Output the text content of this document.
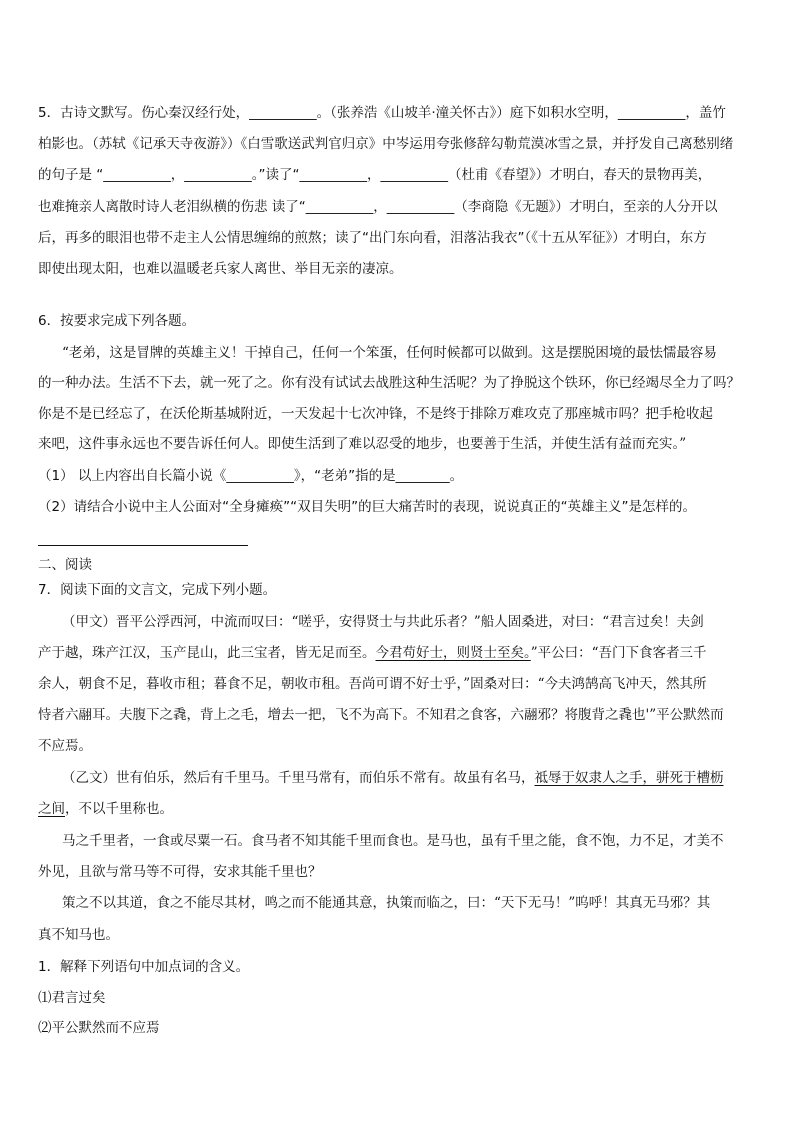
5．古诗文默写。伤心秦汉经行处，__________。（张养浩《山坡羊·潼关怀古》）庭下如积水空明，__________，盖竹
柏影也。（苏轼《记承天寺夜游》）《白雪歌送武判官归京》中岑运用夸张修辞勾勒荒漠冰雪之景，并抒发自己离愁别绪
的句子是 “__________，__________。”读了“__________，__________（杜甫《春望》）才明白，春天的景物再美，
也难掩亲人离散时诗人老泪纵横的伤悲 读了“__________，__________（李商隐《无题》）才明白，至亲的人分开以
后，再多的眼泪也带不走主人公情思缠绵的煎熬；读了“出门东向看，泪落沾我衣”（《十五从军征》）才明白，东方
即使出现太阳，也难以温暖老兵家人离世、举目无亲的凄凉。
6．按要求完成下列各题。
“老弟，这是冒牌的英雄主义！干掉自己，任何一个笨蛋，任何时候都可以做到。这是摆脱困境的最怯懦最容易
的一种办法。生活不下去，就一死了之。你有没有试试去战胜这种生活呢？为了挣脱这个铁环，你已经竭尽全力了吗？
你是不是已经忘了，在沃伦斯基城附近，一天发起十七次冲锋，不是终于排除万难攻克了那座城市吗？把手枪收起
来吧，这件事永远也不要告诉任何人。即使生活到了难以忍受的地步，也要善于生活，并使生活有益而充实。”
（1） 以上内容出自长篇小说《__________》，“老弟”指的是________。
（2）请结合小说中主人公面对“全身瘫痪”“双目失明”的巨大痛苦时的表现，说说真正的“英雄主义”是怎样的。
二、阅读
7．阅读下面的文言文，完成下列小题。
（甲文）晋平公浮西河，中流而叹曰：“嗟乎，安得贤士与共此乐者？”船人固桑进，对曰：“君言过矣！夫剑
产于越，珠产江汉，玉产昆山，此三宝者，皆无足而至。今君苟好士，则贤士至矣。”平公曰：“吾门下食客者三千
余人，朝食不足，暮收市租；暮食不足，朝收市租。吾尚可谓不好士乎，”固桑对曰：“今夫鸿鹄高飞冲天，然其所
恃者六翮耳。夫腹下之毳，背上之毛，增去一把，飞不为高下。不知君之食客，六翮邪？将腹背之毳也'”平公默然而
不应焉。
（乙文）世有伯乐，然后有千里马。千里马常有，而伯乐不常有。故虽有名马，祗辱于奴隶人之手，骈死于槽枥
之间，不以千里称也。
马之千里者，一食或尽粟一石。食马者不知其能千里而食也。是马也，虽有千里之能，食不饱，力不足，才美不
外见，且欲与常马等不可得，安求其能千里也？
策之不以其道，食之不能尽其材，鸣之而不能通其意，执策而临之，曰：“天下无马！”呜呼！其真无马邪？其
真不知马也。
1．解释下列语句中加点词的含义。
⑴君言过矣
⑵平公默然而不应焉
